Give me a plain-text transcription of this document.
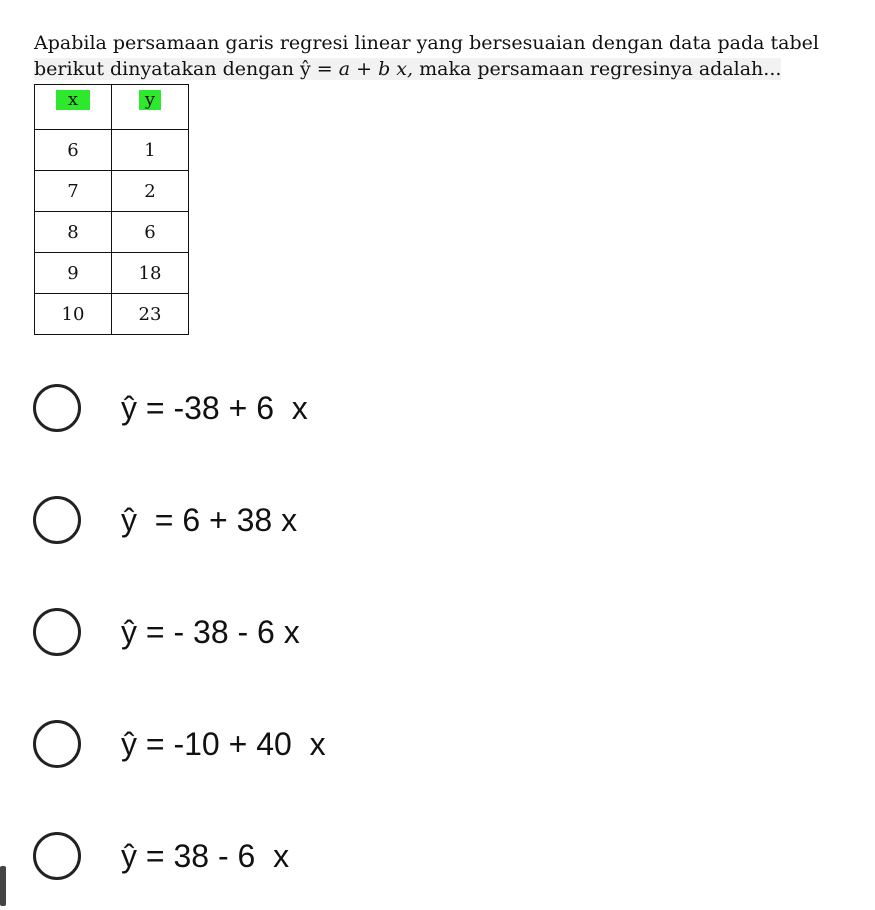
Apabila persamaan garis regresi linear yang bersesuaian dengan data pada tabel
berikut dinyatakan dengan ŷ = a + b x, maka persamaan regresinya adalah...
x	y
6	1
7	2
8	6
9	18
10	23
ŷ = -38 + 6  x
ŷ  = 6 + 38 x
ŷ = - 38 - 6 x
ŷ = -10 + 40  x
ŷ = 38 - 6  x
